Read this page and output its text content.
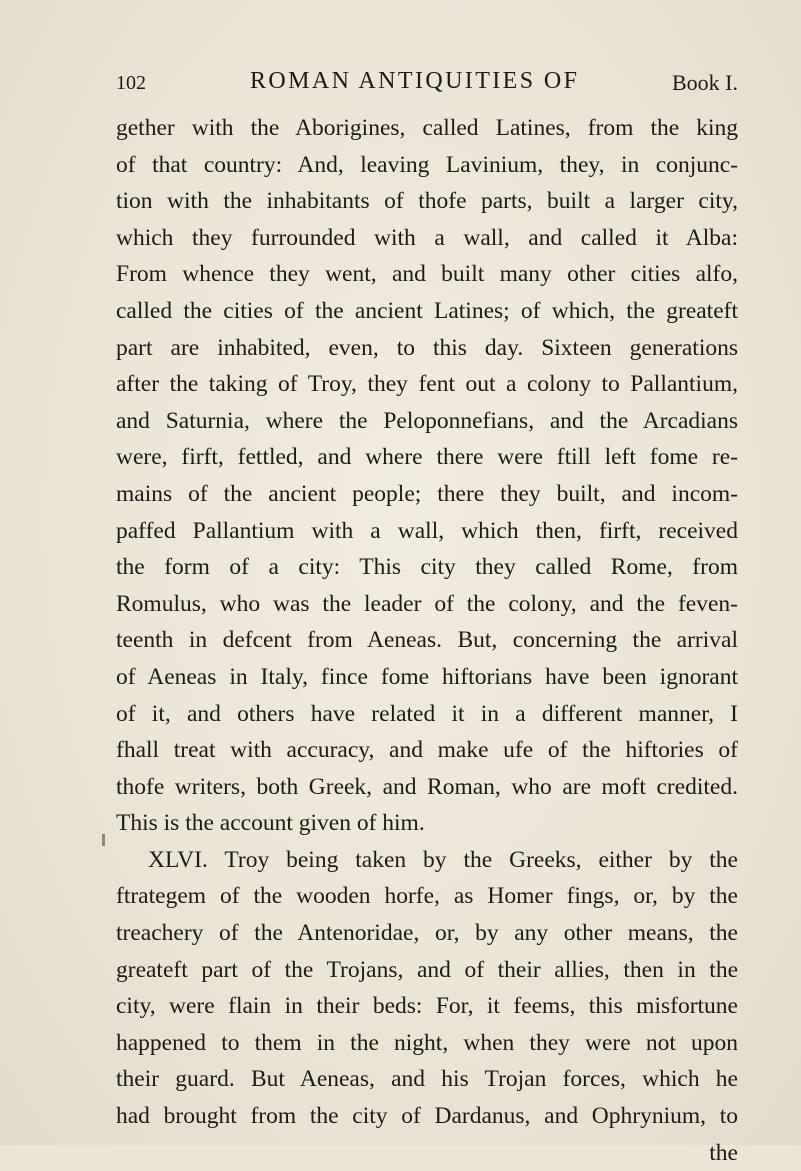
102	ROMAN ANTIQUITIES OF	Book I.
gether with the Aborigines, called Latines, from the king
of that country: And, leaving Lavinium, they, in conjunc-
tion with the inhabitants of thofe parts, built a larger city,
which they furrounded with a wall, and called it Alba:
From whence they went, and built many other cities alfo,
called the cities of the ancient Latines; of which, the greateft
part are inhabited, even, to this day. Sixteen generations
after the taking of Troy, they fent out a colony to Pallantium,
and Saturnia, where the Peloponnefians, and the Arcadians
were, firft, fettled, and where there were ftill left fome re-
mains of the ancient people; there they built, and incom-
paffed Pallantium with a wall, which then, firft, received
the form of a city: This city they called Rome, from
Romulus, who was the leader of the colony, and the feven-
teenth in defcent from Aeneas. But, concerning the arrival
of Aeneas in Italy, fince fome hiftorians have been ignorant
of it, and others have related it in a different manner, I
fhall treat with accuracy, and make ufe of the hiftories of
thofe writers, both Greek, and Roman, who are moft credited.
This is the account given of him.
XLVI. Troy being taken by the Greeks, either by the
ftrategem of the wooden horfe, as Homer fings, or, by the
treachery of the Antenoridae, or, by any other means, the
greateft part of the Trojans, and of their allies, then in the
city, were flain in their beds: For, it feems, this misfortune
happened to them in the night, when they were not upon
their guard. But Aeneas, and his Trojan forces, which he
had brought from the city of Dardanus, and Ophrynium, to
the
